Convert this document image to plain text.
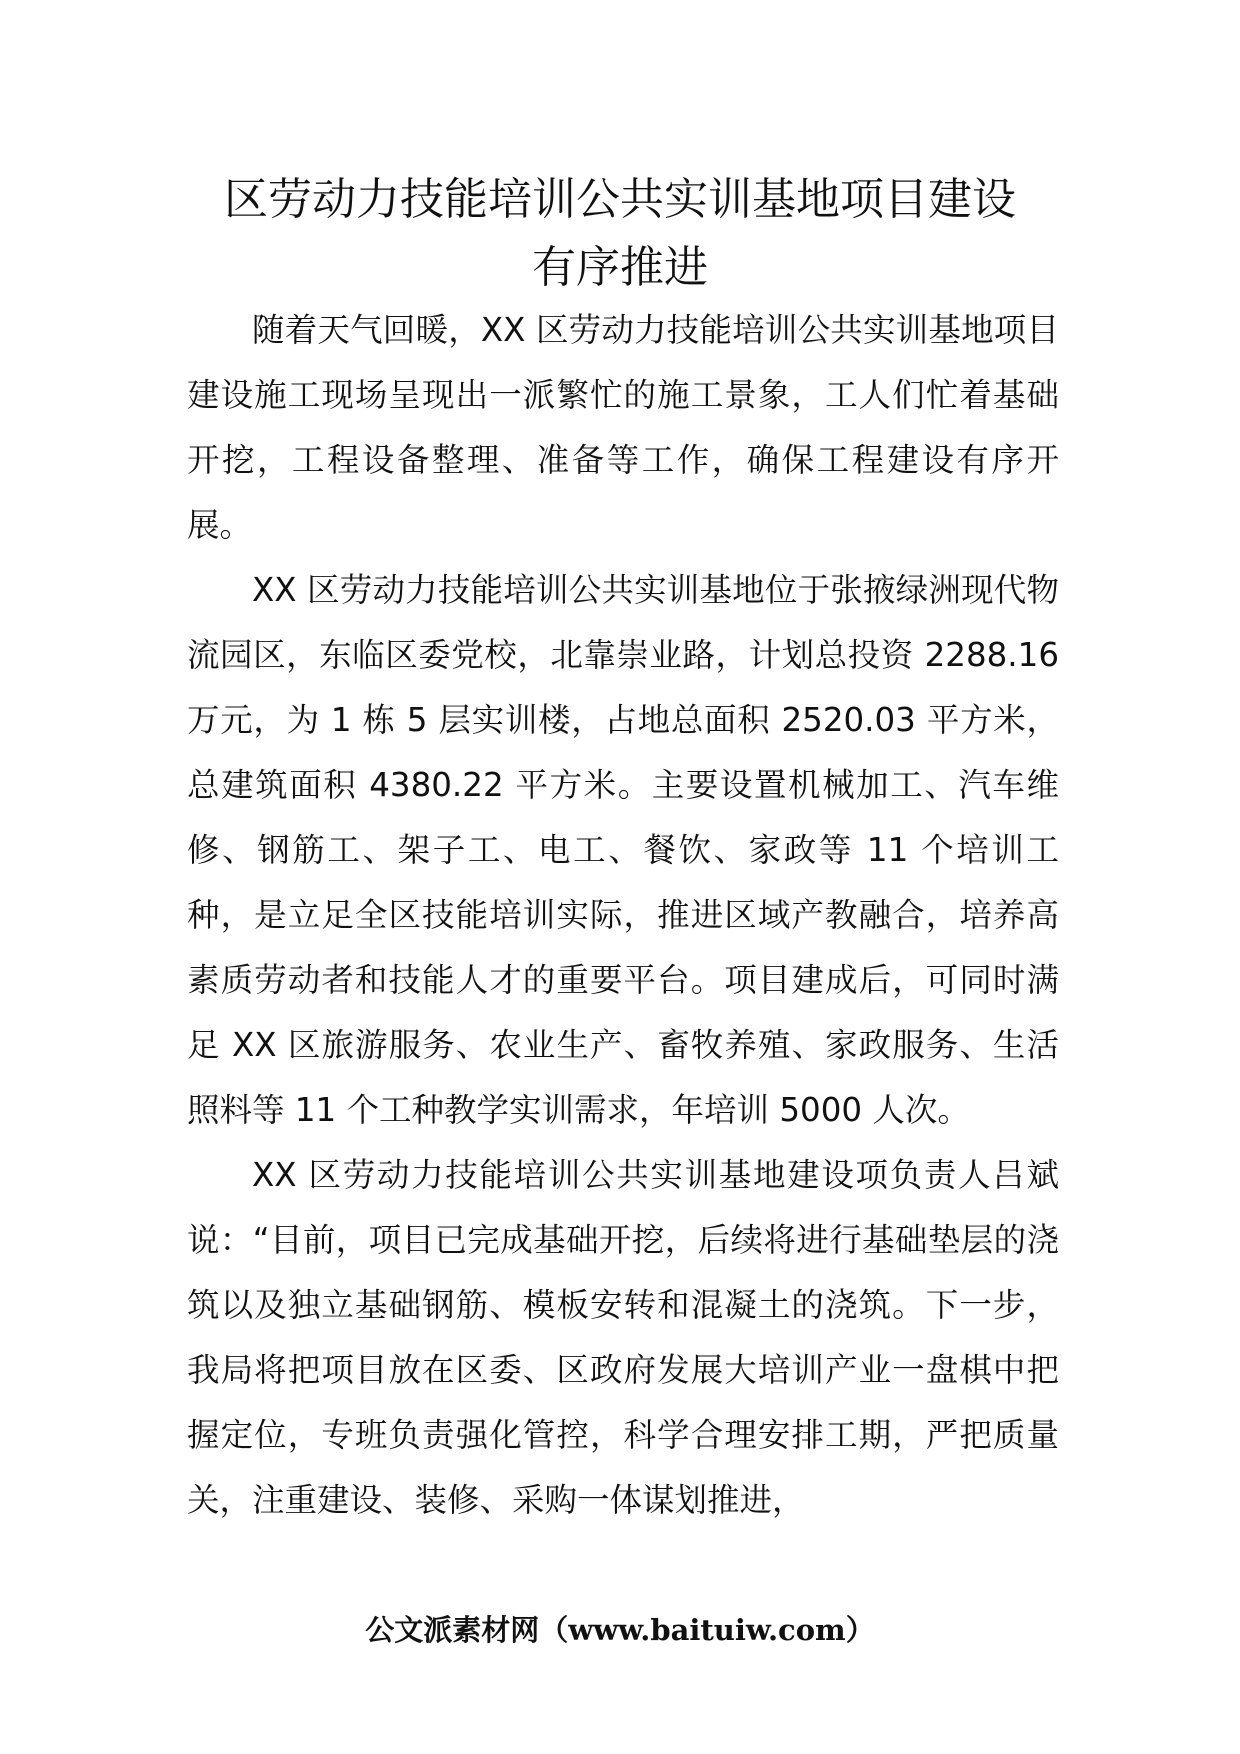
区劳动力技能培训公共实训基地项目建设
有序推进

随着天气回暖，XX 区劳动力技能培训公共实训基地项目建设施工现场呈现出一派繁忙的施工景象，工人们忙着基础开挖，工程设备整理、准备等工作，确保工程建设有序开展。

XX 区劳动力技能培训公共实训基地位于张掖绿洲现代物流园区，东临区委党校，北靠崇业路，计划总投资 2288.16 万元，为 1 栋 5 层实训楼，占地总面积 2520.03 平方米，总建筑面积 4380.22 平方米。主要设置机械加工、汽车维修、钢筋工、架子工、电工、餐饮、家政等 11 个培训工种，是立足全区技能培训实际，推进区域产教融合，培养高素质劳动者和技能人才的重要平台。项目建成后，可同时满足 XX 区旅游服务、农业生产、畜牧养殖、家政服务、生活照料等 11 个工种教学实训需求，年培训 5000 人次。

XX 区劳动力技能培训公共实训基地建设项负责人吕斌说：“目前，项目已完成基础开挖，后续将进行基础垫层的浇筑以及独立基础钢筋、模板安转和混凝土的浇筑。下一步，我局将把项目放在区委、区政府发展大培训产业一盘棋中把握定位，专班负责强化管控，科学合理安排工期，严把质量关，注重建设、装修、采购一体谋划推进，

公文派素材网（www.baituiw.com）
